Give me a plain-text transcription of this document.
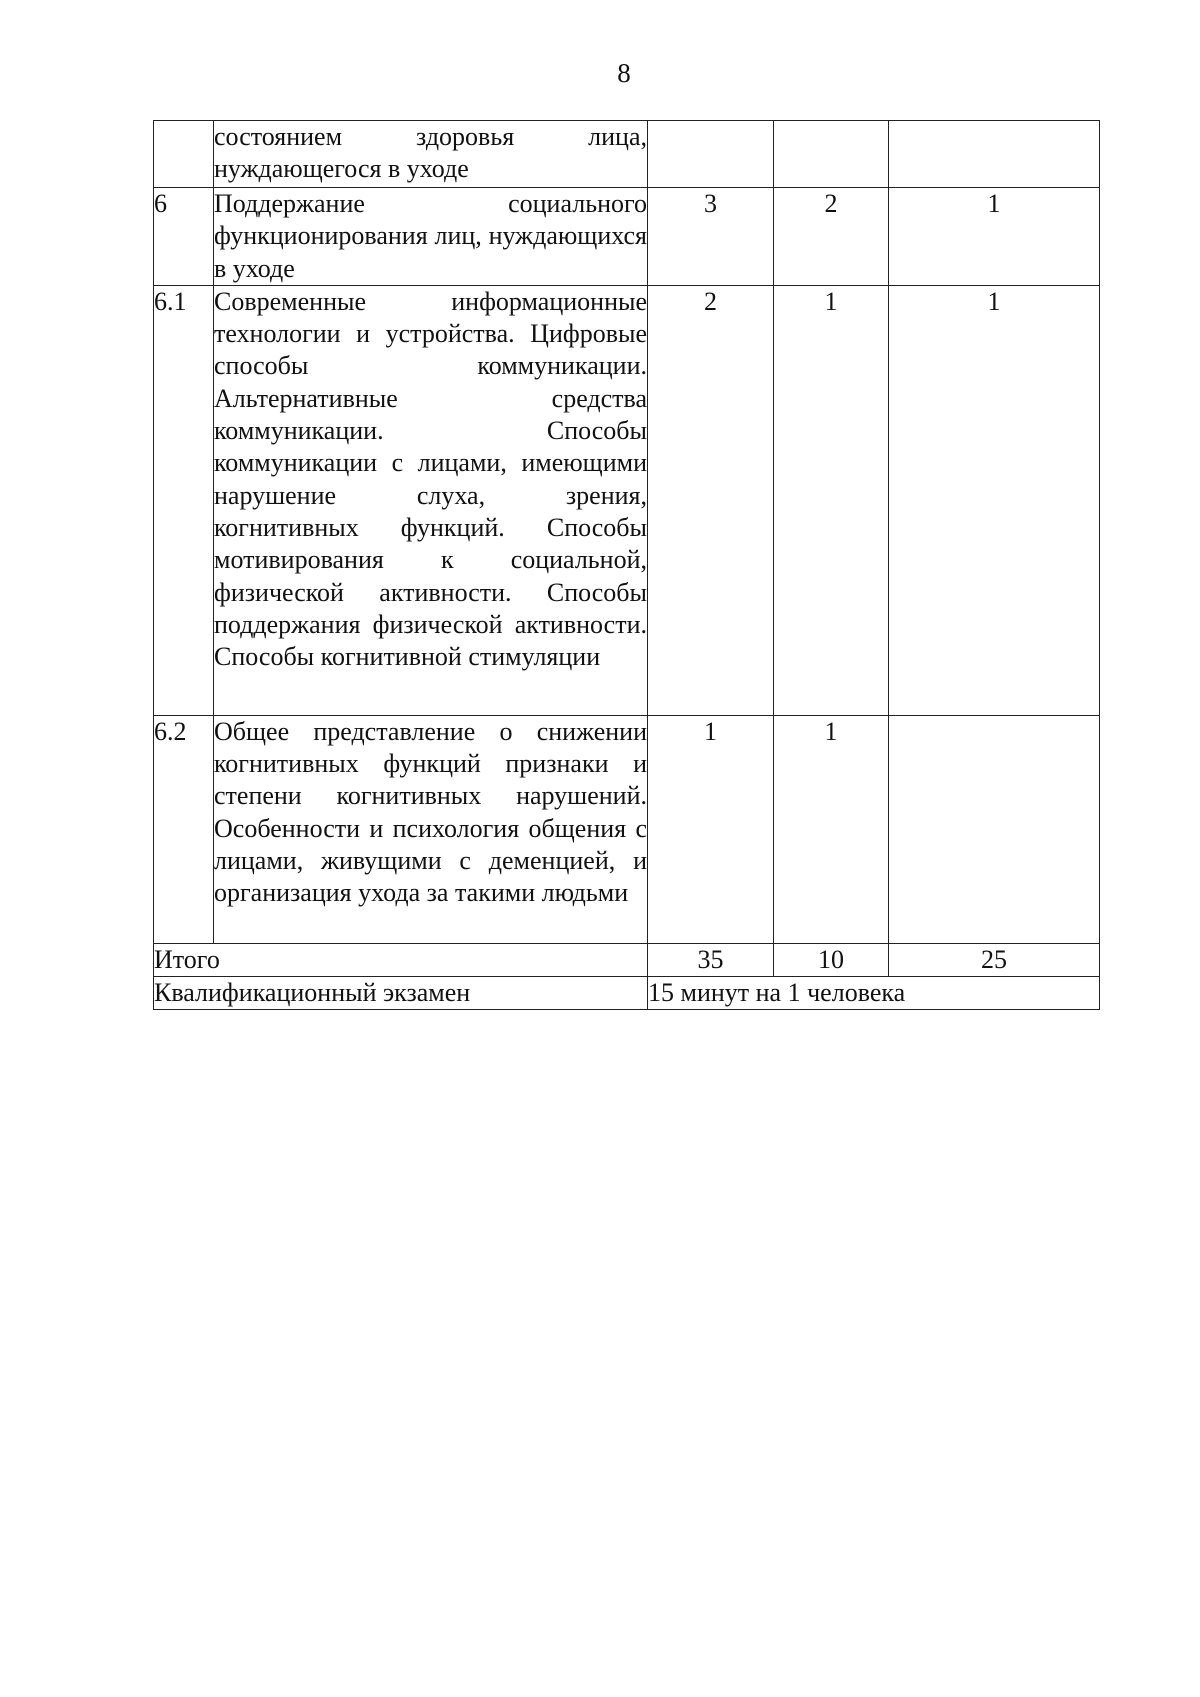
8
	состоянием здоровья лица, нуждающегося в уходе			
6	Поддержание социального функционирования лиц, нуждающихся в уходе	3	2	1
6.1	Современные информационные технологии и устройства. Цифровые способы коммуникации. Альтернативные средства коммуникации. Способы коммуникации с лицами, имеющими нарушение слуха, зрения, когнитивных функций. Способы мотивирования к социальной, физической активности. Способы поддержания физической активности. Способы когнитивной стимуляции	2	1	1
6.2	Общее представление о снижении когнитивных функций признаки и степени когнитивных нарушений. Особенности и психология общения с лицами, живущими с деменцией, и организация ухода за такими людьми	1	1	
Итого		35	10	25
Квалификационный экзамен		15 минут на 1 человека		
